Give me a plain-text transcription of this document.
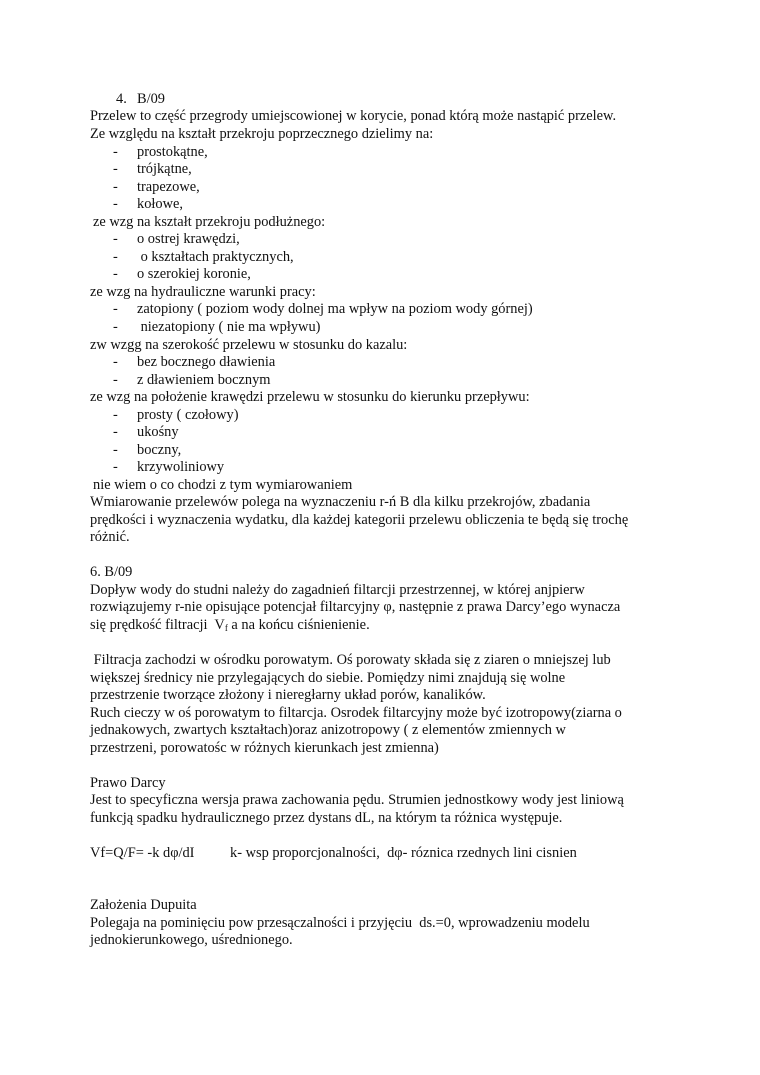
4. B/09
Przelew to część przegrody umiejscowionej w korycie, ponad którą może nastąpić przelew.
Ze względu na kształt przekroju poprzecznego dzielimy na:
- prostokątne,
- trójkątne,
- trapezowe,
- kołowe,
ze wzg na kształt przekroju podłużnego:
- o ostrej krawędzi,
- o kształtach praktycznych,
- o szerokiej koronie,
ze wzg na hydrauliczne warunki pracy:
- zatopiony ( poziom wody dolnej ma wpływ na poziom wody górnej)
- niezatopiony ( nie ma wpływu)
zw wzgg na szerokość przelewu w stosunku do kazalu:
- bez bocznego dławienia
- z dławieniem bocznym
ze wzg na położenie krawędzi przelewu w stosunku do kierunku przepływu:
- prosty ( czołowy)
- ukośny
- boczny,
- krzywoliniowy
nie wiem o co chodzi z tym wymiarowaniem
Wmiarowanie przelewów polega na wyznaczeniu r-ń B dla kilku przekrojów, zbadania
prędkości i wyznaczenia wydatku, dla każdej kategorii przelewu obliczenia te będą się trochę
różnić.
6. B/09
Dopływ wody do studni należy do zagadnień filtarcji przestrzennej, w której anjpierw
rozwiązujemy r-nie opisujące potencjał filtarcyjny φ, następnie z prawa Darcy’ego wynacza
się prędkość filtracji  $V_f$ a na końcu ciśnienienie.
Filtracja zachodzi w ośrodku porowatym. Oś porowaty składa się z ziaren o mniejszej lub
większej średnicy nie przylegających do siebie. Pomiędzy nimi znajdują się wolne
przestrzenie tworzące złożony i nieregłarny układ porów, kanalików.
Ruch cieczy w oś porowatym to filtarcja. Osrodek filtarcyjny może być izotropowy(ziarna o
jednakowych, zwartych kształtach)oraz anizotropowy ( z elementów zmiennych w
przestrzeni, porowatośc w różnych kierunkach jest zmienna)
Prawo Darcy
Jest to specyficzna wersja prawa zachowania pędu. Strumien jednostkowy wody jest liniową
funkcją spadku hydraulicznego przez dystans dL, na którym ta różnica występuje.
Vf=Q/F= -k dφ/dI k- wsp proporcjonalności,  dφ- róznica rzednych lini cisnien
Założenia Dupuita
Polegaja na pominięciu pow przesączalności i przyjęciu  ds.=0, wprowadzeniu modelu
jednokierunkowego, uśrednionego.
